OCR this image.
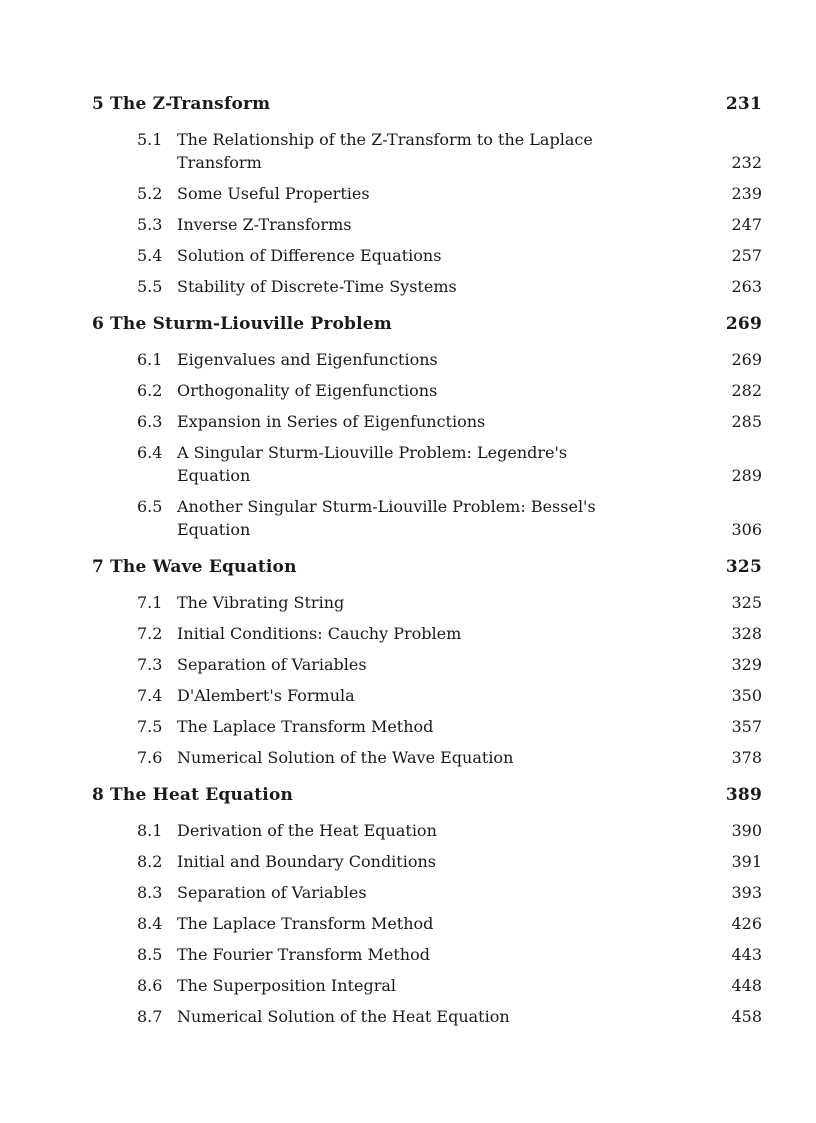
5 The Z-Transform	231
5.1 The Relationship of the Z-Transform to the Laplace Transform	232
5.2 Some Useful Properties	239
5.3 Inverse Z-Transforms	247
5.4 Solution of Difference Equations	257
5.5 Stability of Discrete-Time Systems	263
6 The Sturm-Liouville Problem	269
6.1 Eigenvalues and Eigenfunctions	269
6.2 Orthogonality of Eigenfunctions	282
6.3 Expansion in Series of Eigenfunctions	285
6.4 A Singular Sturm-Liouville Problem: Legendre's Equation	289
6.5 Another Singular Sturm-Liouville Problem: Bessel's Equation	306
7 The Wave Equation	325
7.1 The Vibrating String	325
7.2 Initial Conditions: Cauchy Problem	328
7.3 Separation of Variables	329
7.4 D'Alembert's Formula	350
7.5 The Laplace Transform Method	357
7.6 Numerical Solution of the Wave Equation	378
8 The Heat Equation	389
8.1 Derivation of the Heat Equation	390
8.2 Initial and Boundary Conditions	391
8.3 Separation of Variables	393
8.4 The Laplace Transform Method	426
8.5 The Fourier Transform Method	443
8.6 The Superposition Integral	448
8.7 Numerical Solution of the Heat Equation	458
